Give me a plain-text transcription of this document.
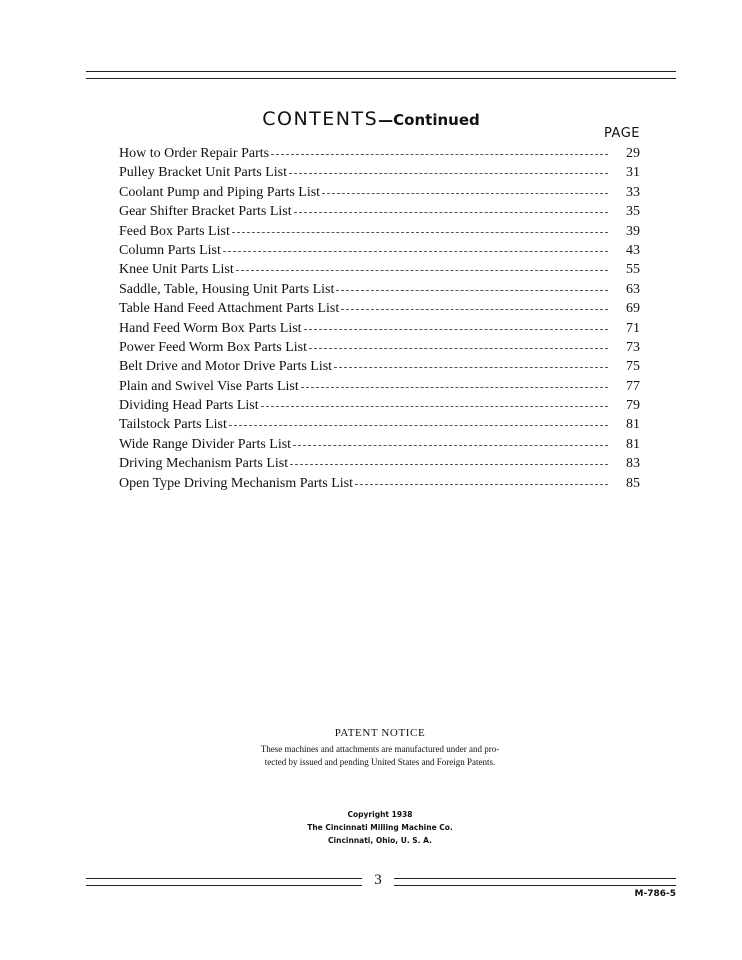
CONTENTS—Continued
PAGE
How to Order Repair Parts	29
Pulley Bracket Unit Parts List	31
Coolant Pump and Piping Parts List	33
Gear Shifter Bracket Parts List	35
Feed Box Parts List	39
Column Parts List	43
Knee Unit Parts List	55
Saddle, Table, Housing Unit Parts List	63
Table Hand Feed Attachment Parts List	69
Hand Feed Worm Box Parts List	71
Power Feed Worm Box Parts List	73
Belt Drive and Motor Drive Parts List	75
Plain and Swivel Vise Parts List	77
Dividing Head Parts List	79
Tailstock Parts List	81
Wide Range Divider Parts List	81
Driving Mechanism Parts List	83
Open Type Driving Mechanism Parts List	85
PATENT NOTICE
These machines and attachments are manufactured under and pro-
tected by issued and pending United States and Foreign Patents.
Copyright 1938
The Cincinnati Milling Machine Co.
Cincinnati, Ohio, U. S. A.
3
M-786-5
